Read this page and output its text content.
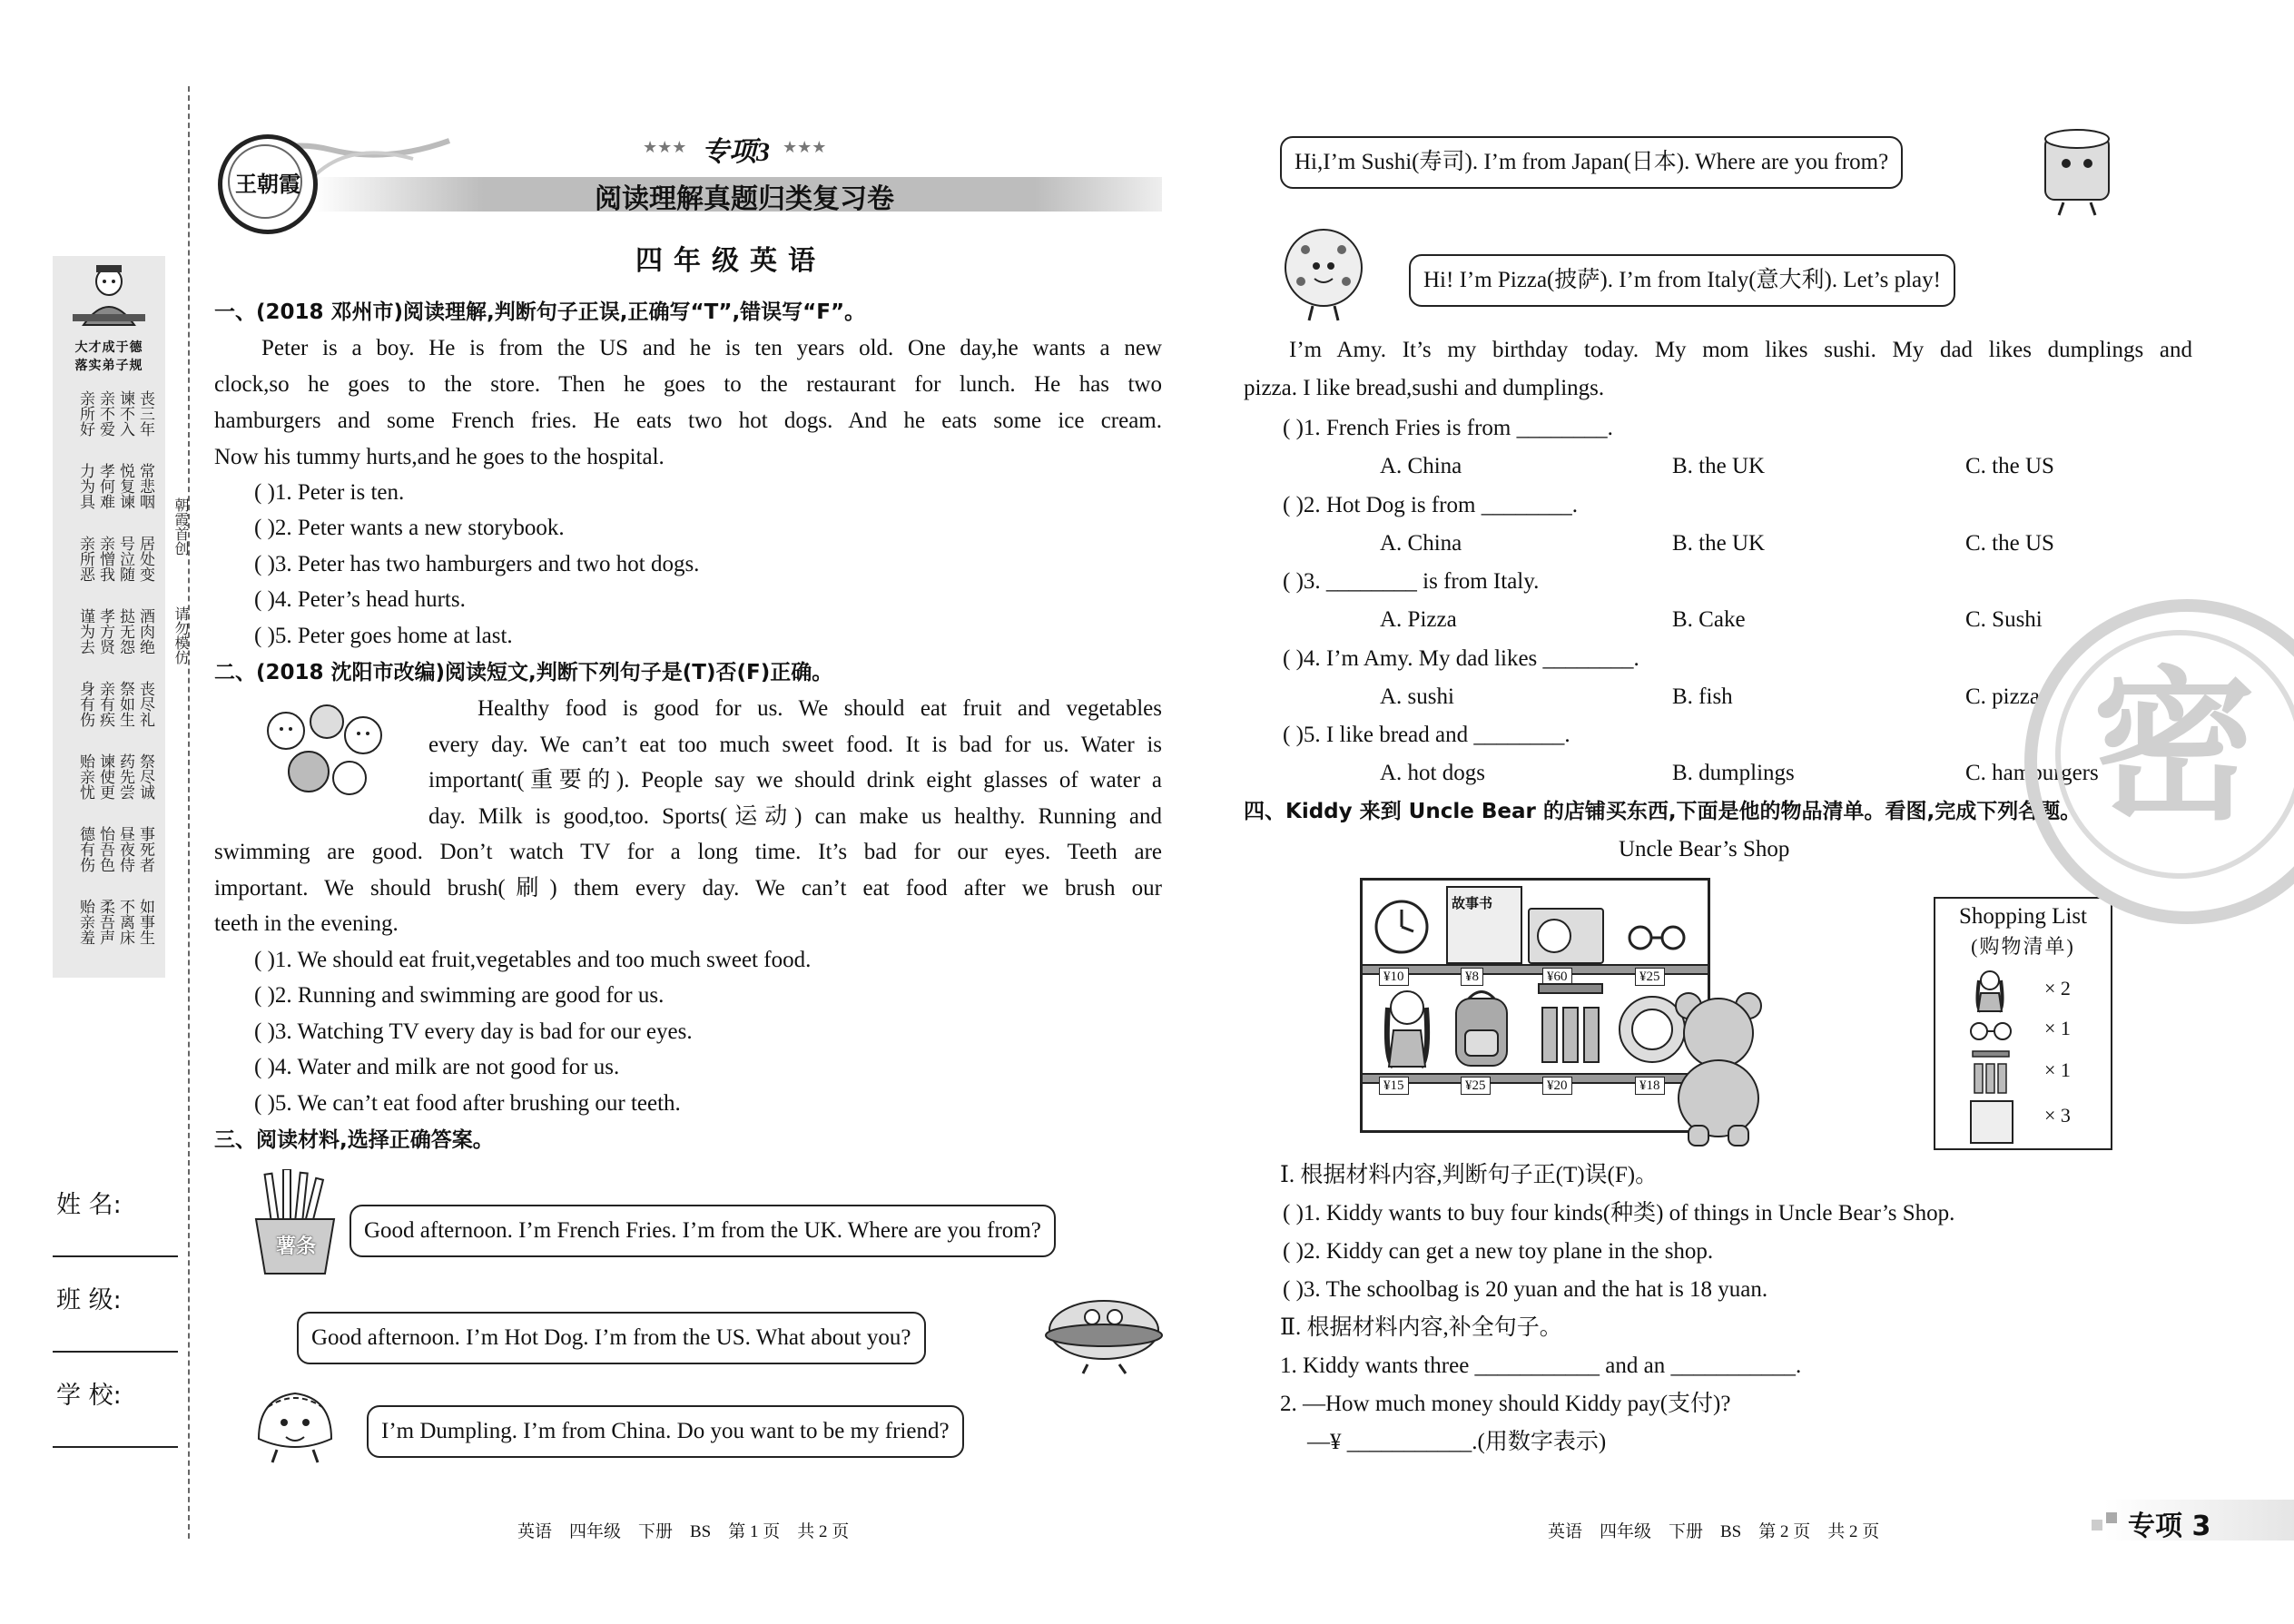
大才成于德
落实弟子规
丧三年
谏不入
亲不爱
亲所好
常悲咽
悦复谏
孝何难
力为具
居处变
号泣随
亲憎我
亲所恶
酒肉绝
挞无怨
孝方贤
谨为去
丧尽礼
祭如生
亲有疾
身有伤
祭尽诚
药先尝
谏使更
贻亲忧
事死者
昼夜侍
怡吾色
德有伤
如事生
不离床
柔吾声
贻亲羞
朝霞首创
请勿模仿
姓 名:
班 级:
学 校:
王朝霞
★★★ 专项3 ★★★
阅读理解真题归类复习卷
四年级英语
一、(2018 邓州市)阅读理解,判断句子正误,正确写“T”,错误写“F”。
Peter is a boy. He is from the US and he is ten years old. One day,he wants a new
clock,so he goes to the store. Then he goes to the restaurant for lunch. He has two
hamburgers and some French fries. He eats two hot dogs. And he eats some ice cream.
Now his tummy hurts,and he goes to the hospital.
( )1. Peter is ten.
( )2. Peter wants a new storybook.
( )3. Peter has two hamburgers and two hot dogs.
( )4. Peter’s head hurts.
( )5. Peter goes home at last.
二、(2018 沈阳市改编)阅读短文,判断下列句子是(T)否(F)正确。
Healthy food is good for us. We should eat fruit and vegetables
every day. We can’t eat too much sweet food. It is bad for us. Water is
important(重要的). People say we should drink eight glasses of water a
day. Milk is good,too. Sports(运动) can make us healthy. Running and
swimming are good. Don’t watch TV for a long time. It’s bad for our eyes. Teeth are
important. We should brush(刷) them every day. We can’t eat food after we brush our
teeth in the evening.
( )1. We should eat fruit,vegetables and too much sweet food.
( )2. Running and swimming are good for us.
( )3. Watching TV every day is bad for our eyes.
( )4. Water and milk are not good for us.
( )5. We can’t eat food after brushing our teeth.
三、阅读材料,选择正确答案。
薯条
Good afternoon. I’m French Fries. I’m from the UK. Where are you from?
Good afternoon. I’m Hot Dog. I’m from the US. What about you?
I’m Dumpling. I’m from China. Do you want to be my friend?
Hi,I’m Sushi(寿司). I’m from Japan(日本). Where are you from?
Hi! I’m Pizza(披萨). I’m from Italy(意大利). Let’s play!
I’m Amy. It’s my birthday today. My mom likes sushi. My dad likes dumplings and
pizza. I like bread,sushi and dumplings.
( )1. French Fries is from ________.
A. China	B. the UK	C. the US
( )2. Hot Dog is from ________.
A. China	B. the UK	C. the US
( )3. ________ is from Italy.
A. Pizza	B. Cake	C. Sushi
( )4. I’m Amy. My dad likes ________.
A. sushi	B. fish	C. pizza
( )5. I like bread and ________.
A. hot dogs	B. dumplings	C. hamburgers
四、Kiddy 来到 Uncle Bear 的店铺买东西,下面是他的物品清单。看图,完成下列各题。
Uncle Bear’s Shop
故事书
¥10	¥8	¥60	¥25
¥15	¥25	¥20	¥18
Shopping List
(购物清单)
× 2
× 1
× 1
× 3
Ⅰ. 根据材料内容,判断句子正(T)误(F)。
( )1. Kiddy wants to buy four kinds(种类) of things in Uncle Bear’s Shop.
( )2. Kiddy can get a new toy plane in the shop.
( )3. The schoolbag is 20 yuan and the hat is 18 yuan.
Ⅱ. 根据材料内容,补全句子。
1. Kiddy wants three ___________ and an ___________.
2. —How much money should Kiddy pay(支付)?
—¥ ___________.(用数字表示)
密
英语    四年级    下册    BS    第 1 页    共 2 页	英语    四年级    下册    BS    第 2 页    共 2 页	专项 3
